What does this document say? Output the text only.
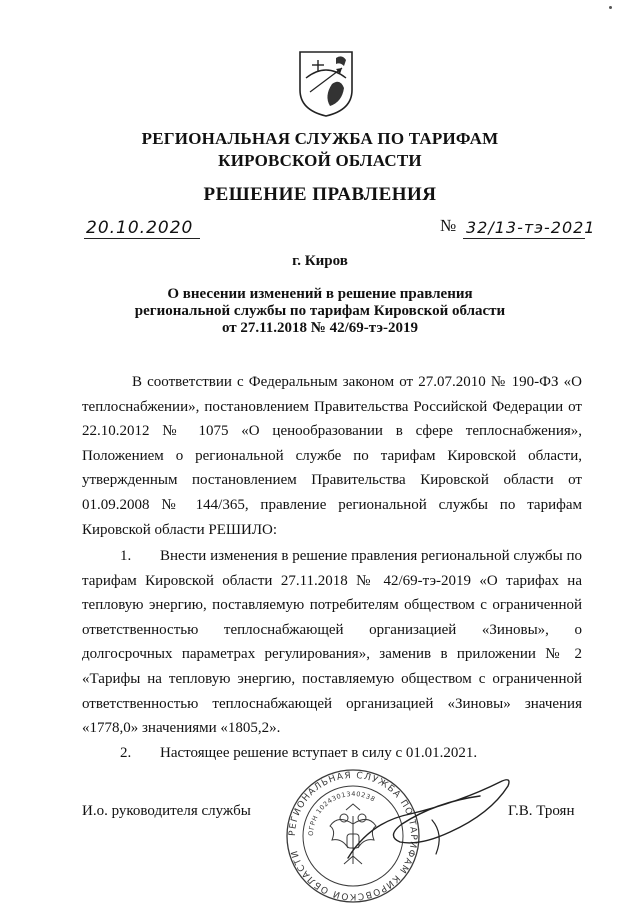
РЕГИОНАЛЬНАЯ СЛУЖБА ПО ТАРИФАМ
КИРОВСКОЙ ОБЛАСТИ
РЕШЕНИЕ ПРАВЛЕНИЯ
20.10.2020	№ 32/13-тэ-2021
г. Киров
О внесении изменений в решение правления
региональной службы по тарифам Кировской области
от 27.11.2018 № 42/69-тэ-2019
В соответствии с Федеральным законом от 27.07.2010 № 190-ФЗ «О теплоснабжении», постановлением Правительства Российской Федерации от 22.10.2012 № 1075 «О ценообразовании в сфере теплоснабжения», Положением о региональной службе по тарифам Кировской области, утвержденным постановлением Правительства Кировской области от 01.09.2008 № 144/365, правление региональной службы по тарифам Кировской области РЕШИЛО:
1. Внести изменения в решение правления региональной службы по тарифам Кировской области 27.11.2018 № 42/69-тэ-2019 «О тарифах на тепловую энергию, поставляемую потребителям обществом с ограниченной ответственностью теплоснабжающей организацией «Зиновы», о долгосрочных параметрах регулирования», заменив в приложении № 2 «Тарифы на тепловую энергию, поставляемую обществом с ограниченной ответственностью теплоснабжающей организацией «Зиновы» значения «1778,0» значениями «1805,2».
2. Настоящее решение вступает в силу с 01.01.2021.
РЕГИОНАЛЬНАЯ СЛУЖБА ПО ТАРИФАМ КИРОВСКОЙ ОБЛАСТИ
ОГРН 1024301340238
И.о. руководителя службы	Г.В. Троян
